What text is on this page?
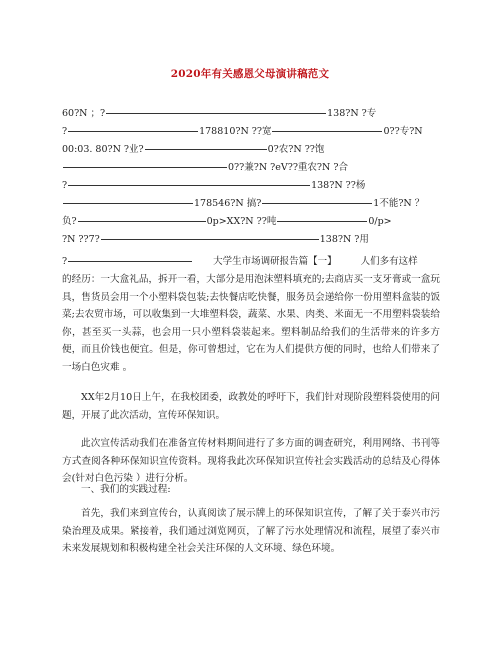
2020年有关感恩父母演讲稿范文
60?N ；?	138?N ?专
?	178810?N ??宽	0??专?N
00:03. 80?N ?业?	0?农?N ??饱
0??兼?N ?eV??重农?N ?合
?	138?N ??杨
178546?N 搞?	1不能?N ？
负?	0p>XX?N ??吨	0/p>
?N ??7?	138?N ?用
?	大学生市场调研报告篇【一】	人们多有这样
的经历：一大盒礼品，拆开一看，大部分是用泡沫塑料填充的;去商店买一支牙膏或一盒玩具，售货员会用一个小塑料袋包装;去快餐店吃快餐，服务员会递给你一份用塑料盒装的饭菜;去农贸市场，可以收集到一大堆塑料袋，蔬菜、水果、肉类、米面无一不用塑料袋装给你，甚至买一头蒜，也会用一只小塑料袋装起来。塑料制品给我们的生活带来的许多方便，而且价钱也便宜。但是，你可曾想过，它在为人们提供方便的同时，也给人们带来了一场白色灾难 。
XX年2月10日上午，在我校团委，政教处的呼吁下，我们针对现阶段塑料袋使用的问题，开展了此次活动，宣传环保知识。
此次宣传活动我们在准备宣传材料期间进行了多方面的调查研究，利用网络、书刊等方式查阅各种环保知识宣传资料。现将我此次环保知识宣传社会实践活动的总结及心得体会(针对白色污染 ）进行分析。
一、我们的实践过程:
首先，我们来到宣传台，认真阅读了展示牌上的环保知识宣传，了解了关于泰兴市污染治理及成果。紧接着，我们通过浏览网页，了解了污水处理情况和流程，展望了泰兴市未来发展规划和积极构建全社会关注环保的人文环境、绿色环境。
